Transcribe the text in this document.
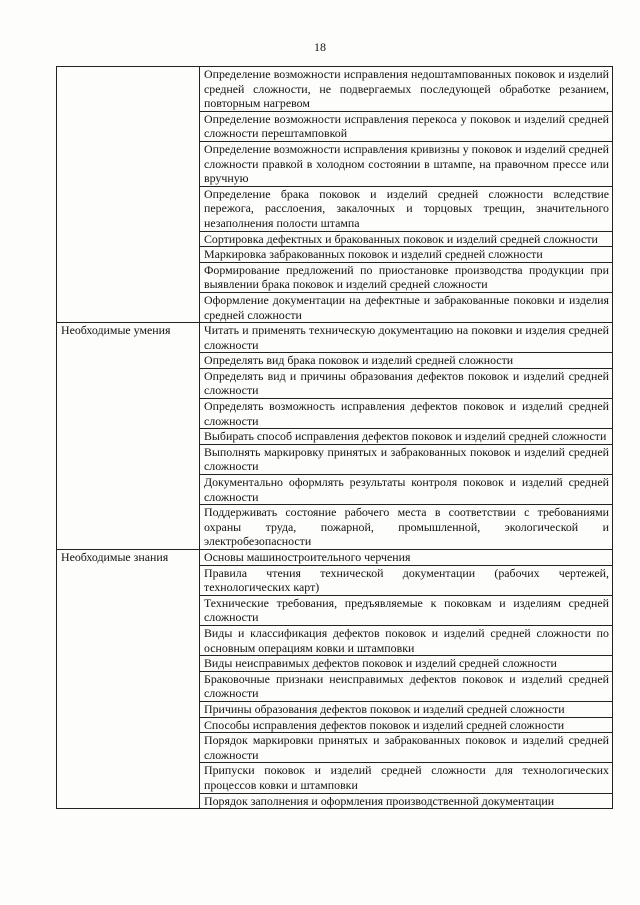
18
	Определение возможности исправления недоштампованных поковок и изделий средней сложности, не подвергаемых последующей обработке резанием, повторным нагревом
	Определение возможности исправления перекоса у поковок и изделий средней сложности перештамповкой
	Определение возможности исправления кривизны у поковок и изделий средней сложности правкой в холодном состоянии в штампе, на правочном прессе или вручную
	Определение брака поковок и изделий средней сложности вследствие пережога, расслоения, закалочных и торцовых трещин, значительного незаполнения полости штампа
	Сортировка дефектных и бракованных поковок и изделий средней сложности
	Маркировка забракованных поковок и изделий средней сложности
	Формирование предложений по приостановке производства продукции при выявлении брака поковок и изделий средней сложности
	Оформление документации на дефектные и забракованные поковки и изделия средней сложности
Необходимые умения	Читать и применять техническую документацию на поковки и изделия средней сложности
	Определять вид брака поковок и изделий средней сложности
	Определять вид и причины образования дефектов поковок и изделий средней сложности
	Определять возможность исправления дефектов поковок и изделий средней сложности
	Выбирать способ исправления дефектов поковок и изделий средней сложности
	Выполнять маркировку принятых и забракованных поковок и изделий средней сложности
	Документально оформлять результаты контроля поковок и изделий средней сложности
	Поддерживать состояние рабочего места в соответствии с требованиями охраны труда, пожарной, промышленной, экологической и электробезопасности
Необходимые знания	Основы машиностроительного черчения
	Правила чтения технической документации (рабочих чертежей, технологических карт)
	Технические требования, предъявляемые к поковкам и изделиям средней сложности
	Виды и классификация дефектов поковок и изделий средней сложности по основным операциям ковки и штамповки
	Виды неисправимых дефектов поковок и изделий средней сложности
	Браковочные признаки неисправимых дефектов поковок и изделий средней сложности
	Причины образования дефектов поковок и изделий средней сложности
	Способы исправления дефектов поковок и изделий средней сложности
	Порядок маркировки принятых и забракованных поковок и изделий средней сложности
	Припуски поковок и изделий средней сложности для технологических процессов ковки и штамповки
	Порядок заполнения и оформления производственной документации
